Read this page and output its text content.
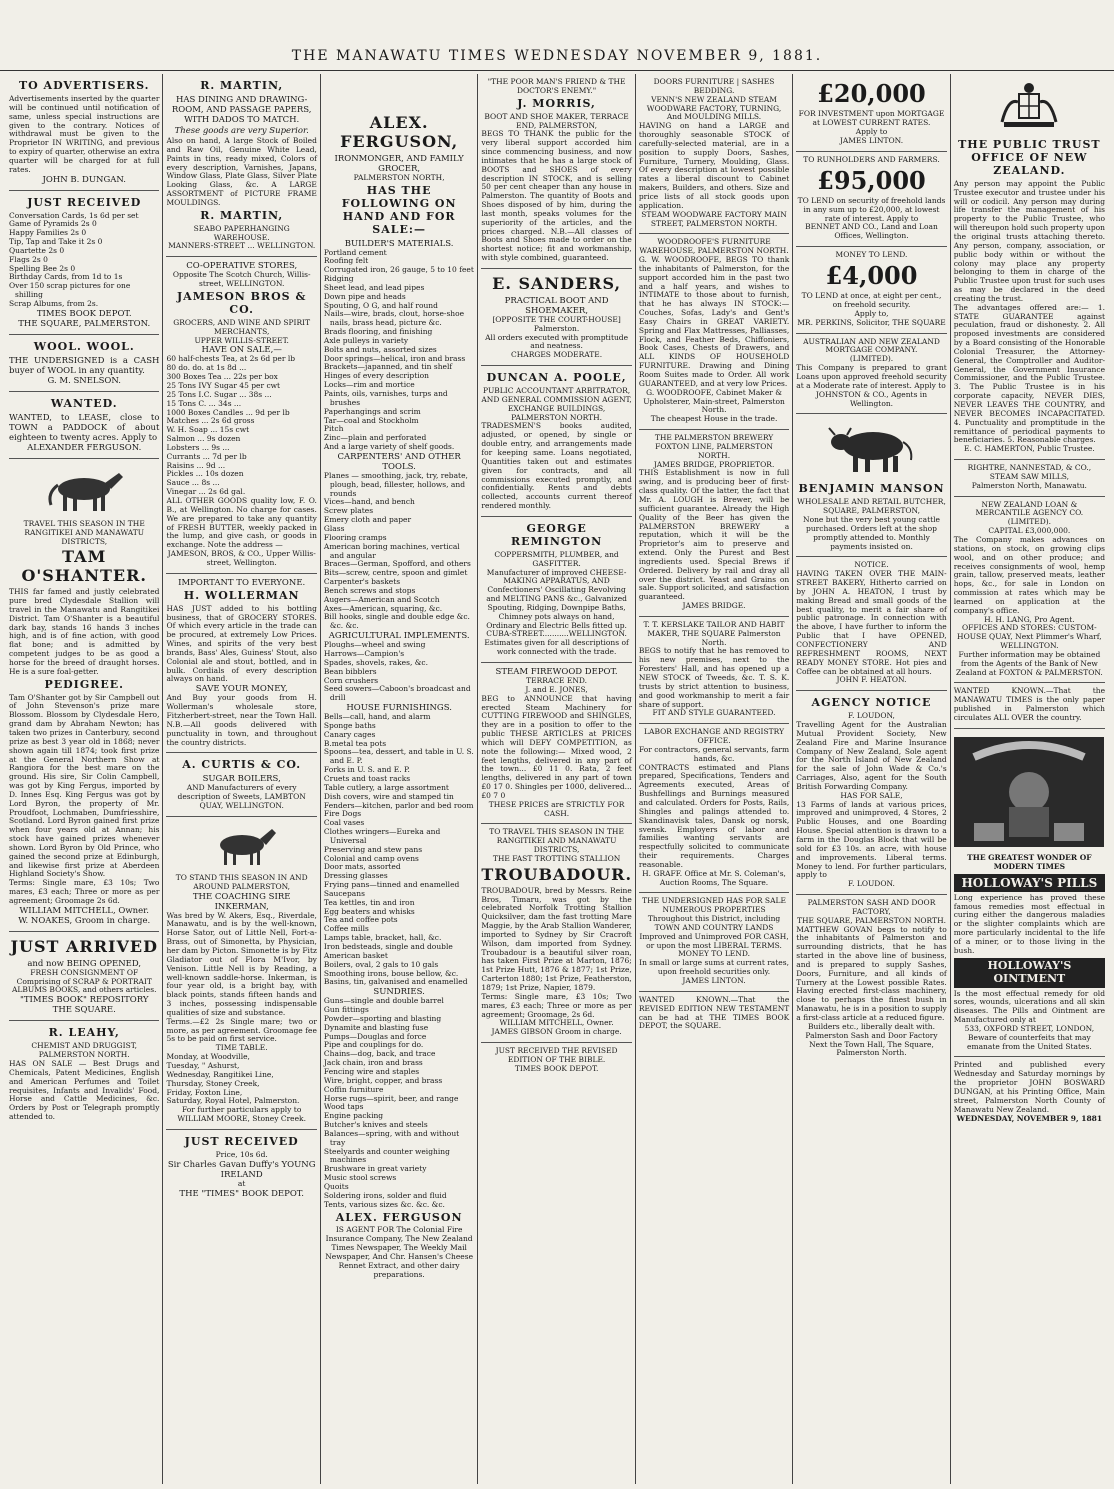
THE MANAWATU TIMES WEDNESDAY NOVEMBER 9, 1881.
TO ADVERTISERS.
Advertisements inserted by the quarter will be continued until notification of same, unless special instructions are given to the contrary. Notices of withdrawal must be given to the Proprietor IN WRITING, and previous to expiry of quarter, otherwise an extra quarter will be charged for at full rates.
JOHN B. DUNGAN.
JUST RECEIVED
Conversation Cards, 1s 6d per set
Game of Pyramids 2s 0
Happy Families 2s 0
Tip, Tap and Take it 2s 0
Quartette 2s 0
Flags 2s 0
Spelling Bee 2s 0
Birthday Cards, from 1d to 1s
Over 150 scrap pictures for one shilling
Scrap Albums, from 2s.
TIMES BOOK DEPOT.
THE SQUARE, PALMERSTON.
WOOL. WOOL.
THE UNDERSIGNED is a CASH buyer of WOOL in any quantity.
G. M. SNELSON.
WANTED.
WANTED, to LEASE, close to TOWN a PADDOCK of about eighteen to twenty acres. Apply to
ALEXANDER FERGUSON.
TRAVEL THIS SEASON IN THE RANGITIKEI AND MANAWATU DISTRICTS,
TAM O'SHANTER.
THIS far famed and justly celebrated pure bred Clydesdale Stallion will travel in the Manawatu and Rangitikei District. Tam O'Shanter is a beautiful dark bay, stands 16 hands 3 inches high, and is of fine action, with good flat bone; and is admitted by competent judges to be as good a horse for the breed of draught horses. He is a sure foal-getter.
PEDIGREE.
Tam O'Shanter got by Sir Campbell out of John Stevenson's prize mare Blossom. Blossom by Clydesdale Hero, grand dam by Abraham Newton; has taken two prizes in Canterbury, second prize as best 3 year old in 1868; never shown again till 1874; took first prize at the General Northern Show at Rangiora for the best mare on the ground. His sire, Sir Colin Campbell, was got by King Fergus, imported by D. Innes Esq. King Fergus was got by Lord Byron, the property of Mr. Proudfoot, Lochmaben, Dumfriesshire, Scotland. Lord Byron gained first prize when four years old at Annan; his stock have gained prizes whenever shown. Lord Byron by Old Prince, who gained the second prize at Edinburgh, and likewise first prize at Aberdeen Highland Society's Show.
Terms: Single mare, £3 10s; Two mares, £3 each; Three or more as per agreement; Groomage 2s 6d.
WILLIAM MITCHELL, Owner.
W. NOAKES, Groom in charge.
JUST ARRIVED
and now BEING OPENED,
FRESH CONSIGNMENT OF Comprising of SCRAP & PORTRAIT ALBUMS BOOKS, and others articles.
"TIMES BOOK" REPOSITORY THE SQUARE.
R. LEAHY,
CHEMIST AND DRUGGIST, PALMERSTON NORTH.
HAS ON SALE — Best Drugs and Chemicals, Patent Medicines, English and American Perfumes and Toilet requisites, Infants and Invalids' Food, Horse and Cattle Medicines, &c. Orders by Post or Telegraph promptly attended to.
R. MARTIN,
HAS DINING AND DRAWING-ROOM, AND PASSAGE PAPERS, WITH DADOS TO MATCH.
These goods are very Superior.
Also on hand, A large Stock of Boiled and Raw Oil, Genuine White Lead, Paints in tins, ready mixed, Colors of every description, Varnishes, Japans, Window Glass, Plate Glass, Silver Plate Looking Glass, &c. A LARGE ASSORTMENT of PICTURE FRAME MOULDINGS.
R. MARTIN,
SEABO PAPERHANGING WAREHOUSE.
MANNERS-STREET ... WELLINGTON.
CO-OPERATIVE STORES,
Opposite The Scotch Church, Willis-street, WELLINGTON.
JAMESON BROS & CO.
GROCERS, AND WINE AND SPIRIT MERCHANTS,
UPPER WILLIS-STREET.
HAVE ON SALE,—
60 half-chests Tea, at 2s 6d per lb
80 do. do. at 1s 8d ...
300 Boxes Tea ... 22s per box
25 Tons IVY Sugar 45 per cwt
25 Tons I.C. Sugar ... 38s ...
15 Tons C. ... 34s ...
1000 Boxes Candles ... 9d per lb
Matches ... 2s 6d gross
W. H. Soap ... 15s cwt
Salmon ... 9s dozen
Lobsters ... 9s ...
Currants ... 7d per lb
Raisins ... 9d ...
Pickles ... 10s dozen
Sauce ... 8s ...
Vinegar ... 2s 6d gal.
ALL OTHER GOODS quality low, F. O. B., at Wellington. No charge for cases. We are prepared to take any quantity of FRESH BUTTER, weekly packed in the lump, and give cash, or goods in exchange. Note the address —
JAMESON, BROS, & CO., Upper Willis-street, Wellington.
IMPORTANT TO EVERYONE.
H. WOLLERMAN
HAS JUST added to his bottling business, that of GROCERY STORES. Of which every article in the trade can be procured, at extremely Low Prices. Wines, and spirits of the very best brands, Bass' Ales, Guiness' Stout, also Colonial ale and stout, bottled, and in bulk. Cordials of every description always on hand.
SAVE YOUR MONEY,
And Buy your goods from H. Wollerman's wholesale store, Fitzherbert-street, near the Town Hall. N.B.—All goods delivered with punctuality in town, and throughout the country districts.
A. CURTIS & CO.
SUGAR BOILERS,
AND Manufacturers of every description of Sweets, LAMBTON QUAY, WELLINGTON.
TO STAND THIS SEASON IN AND AROUND PALMERSTON,
THE COACHING SIRE INKERMAN,
Was bred by W. Akers, Esq., Riverdale, Manawatu, and is by the well-known, Horse Sator, out of Little Nell, Fort-a-Brass, out of Simonetta, by Physician, her dam by Picton. Simonette is by Fitz Gladiator out of Flora M'Ivor, by Venison. Little Nell is by Reading, a well-known saddle-horse. Inkerman, is four year old, is a bright bay, with black points, stands fifteen hands and 3 inches, possessing indispensable qualities of size and substance.
Terms.—£2 2s Single mare; two or more, as per agreement. Groomage fee 5s to be paid on first service.
TIME TABLE.
Monday, at Woodville,
Tuesday, " Ashurst,
Wednesday, Rangitikei Line,
Thursday, Stoney Creek,
Friday, Foxton Line,
Saturday, Royal Hotel, Palmerston.
For further particulars apply to
WILLIAM MOORE, Stoney Creek.
JUST RECEIVED
Price, 10s 6d.
Sir Charles Gavan Duffy's YOUNG IRELAND
at
THE "TIMES" BOOK DEPOT.
ALEX. FERGUSON,
IRONMONGER, AND FAMILY GROCER,
PALMERSTON NORTH,
HAS THE FOLLOWING ON HAND AND FOR SALE:—
BUILDER'S MATERIALS.
Portland cement
Roofing felt
Corrugated iron, 26 gauge, 5 to 10 feet
Ridging
Sheet lead, and lead pipes
Down pipe and heads
Spouting, O G, and half round
Nails—wire, brads, clout, horse-shoe nails, brass head, picture &c.
Brads flooring, and finishing
Axle pulleys in variety
Bolts and nuts, assorted sizes
Door springs—helical, iron and brass
Brackets—japanned, and tin shelf
Hinges of every description
Locks—rim and mortice
Paints, oils, varnishes, turps and brushes
Paperhangings and scrim
Tar—coal and Stockholm
Pitch
Zinc—plain and perforated
And a large variety of shelf goods.
CARPENTERS' AND OTHER TOOLS.
Planes — smoothing, jack, try, rebate, plough, bead, fillester, hollows, and rounds
Vices—hand, and bench
Screw plates
Emery cloth and paper
Glass
Flooring cramps
American boring machines, vertical and angular
Braces—German, Spofford, and others
Bits—screw, centre, spoon and gimlet
Carpenter's baskets
Bench screws and stops
Augers—American and Scotch
Axes—American, squaring, &c.
Bill hooks, single and double edge &c. &c. &c.
AGRICULTURAL IMPLEMENTS.
Ploughs—wheel and swing
Harrows—Campion's
Spades, shovels, rakes, &c.
Bean bibblers
Corn crushers
Seed sowers—Caboon's broadcast and drill
HOUSE FURNISHINGS.
Bells—call, hand, and alarm
Sponge baths
Canary cages
B.metal tea pots
Spoons—tea, dessert, and table in U. S. and E. P.
Forks in U. S. and E. P.
Cruets and toast racks
Table cutlery, a large assortment
Dish covers, wire and stamped tin
Fenders—kitchen, parlor and bed room
Fire Dogs
Coal vases
Clothes wringers—Eureka and Universal
Preserving and stew pans
Colonial and camp ovens
Door mats, assorted
Dressing glasses
Frying pans—tinned and enamelled
Saucepans
Tea kettles, tin and iron
Egg beaters and whisks
Tea and coffee pots
Coffee mills
Lamps table, bracket, hall, &c.
Iron bedsteads, single and double
American basket
Boilers, oval, 2 gals to 10 gals
Smoothing irons, bouse bellow, &c.
Basins, tin, galvanised and enamelled
SUNDRIES.
Guns—single and double barrel
Gun fittings
Powder—sporting and blasting
Dynamite and blasting fuse
Pumps—Douglas and force
Pipe and couplings for do.
Chains—dog, back, and trace
Jack chain, iron and brass
Fencing wire and staples
Wire, bright, copper, and brass
Coffin furniture
Horse rugs—spirit, beer, and range
Wood taps
Engine packing
Butcher's knives and steels
Balances—spring, with and without tray
Steelyards and counter weighing machines
Brushware in great variety
Music stool screws
Quoits
Soldering irons, solder and fluid
Tents, various sizes &c. &c. &c.
ALEX. FERGUSON
IS AGENT FOR The Colonial Fire Insurance Company, The New Zealand Times Newspaper, The Weekly Mail Newspaper, And Chr. Hansen's Cheese Rennet Extract, and other dairy preparations.
"THE POOR MAN'S FRIEND & THE DOCTOR'S ENEMY."
J. MORRIS,
BOOT AND SHOE MAKER, TERRACE END, PALMERSTON,
BEGS TO THANK the public for the very liberal support accorded him since commencing business, and now intimates that he has a large stock of BOOTS and SHOES of every description IN STOCK, and is selling 50 per cent cheaper than any house in Palmerston. The quantity of Boots and Shoes disposed of by him, during the last month, speaks volumes for the superiority of the articles, and the prices charged. N.B.—All classes of Boots and Shoes made to order on the shortest notice; fit and workmanship, with style combined, guaranteed.
E. SANDERS,
PRACTICAL BOOT AND SHOEMAKER,
[OPPOSITE THE COURT-HOUSE] Palmerston.
All orders executed with promptitude and neatness.
CHARGES MODERATE.
DUNCAN A. POOLE,
PUBLIC ACCOUNTANT ARBITRATOR, AND GENERAL COMMISSION AGENT,
EXCHANGE BUILDINGS, PALMERSTON NORTH.
TRADESMEN'S books audited, adjusted, or opened, by single or double entry, and arrangements made for keeping same. Loans negotiated, Quantities taken out and estimates given for contracts, and all commissions executed promptly, and confidentially. Rents and debts collected, accounts current thereof rendered monthly.
GEORGE REMINGTON
COPPERSMITH, PLUMBER, and GASFITTER.
Manufacturer of improved CHEESE-MAKING APPARATUS, AND Confectioners' Oscillating Revolving and MELTING PANS &c., Galvanized Spouting, Ridging, Downpipe Baths, Chimney pots always on hand, Ordinary and Electric Bells fitted up.
CUBA-STREET...........WELLINGTON.
Estimates given for all descriptions of work connected with the trade.
STEAM FIREWOOD DEPOT.
TERRACE END.
J. and E. JONES,
BEG to ANNOUNCE that having erected Steam Machinery for CUTTING FIREWOOD and SHINGLES, they are in a position to offer to the public THESE ARTICLES at PRICES which will DEFY COMPETITION, as note the following:— Mixed wood, 2 feet lengths, delivered in any part of the town... £0 11 0. Rata, 2 feet lengths, delivered in any part of town £0 17 0. Shingles per 1000, delivered... £0 7 0
THESE PRICES are STRICTLY FOR CASH.
TO TRAVEL THIS SEASON IN THE RANGITIKEI AND MANAWATU DISTRICTS,
THE FAST TROTTING STALLION
TROUBADOUR.
TROUBADOUR, bred by Messrs. Reine Bros, Timaru, was got by the celebrated Norfolk Trotting Stallion Quicksilver, dam the fast trotting Mare Maggie, by the Arab Stallion Wanderer, imported to Sydney by Sir Cracroft Wilson, dam imported from Sydney. Troubadour is a beautiful silver roan, has taken First Prize at Marton, 1876; 1st Prize Hutt, 1876 & 1877; 1st Prize, Carterton 1880; 1st Prize, Featherston, 1879; 1st Prize, Napier, 1879.
Terms: Single mare, £3 10s; Two mares, £3 each; Three or more as per agreement; Groomage, 2s 6d.
WILLIAM MITCHELL, Owner.
JAMES GIBSON Groom in charge.
JUST RECEIVED THE REVISED EDITION OF THE BIBLE.
TIMES BOOK DEPOT.
DOORS FURNITURE | SASHES BEDDING.
VENN'S NEW ZEALAND STEAM WOODWARE FACTORY, TURNING, And MOULDING MILLS.
HAVING on hand a LARGE and thoroughly seasonable STOCK of carefully-selected material, are in a position to supply Doors, Sashes, Furniture, Turnery, Moulding, Glass. Of every description at lowest possible rates a liberal discount to Cabinet makers, Builders, and others. Size and price lists of all stock goods upon application.
STEAM WOODWARE FACTORY MAIN STREET, PALMERSTON NORTH.
WOODROOFE'S FURNITURE WAREHOUSE, PALMERSTON NORTH.
G. W. WOODROOFE, BEGS TO thank the inhabitants of Palmerston, for the support accorded him in the past two and a half years, and wishes to INTIMATE to those about to furnish, that he has always IN STOCK:— Couches, Sofas, Lady's and Gent's Easy Chairs in GREAT VARIETY. Spring and Flax Mattresses, Palliasses, Flock, and Feather Beds, Chiffoniers, Book Cases, Chests of Drawers, and ALL KINDS OF HOUSEHOLD FURNITURE. Drawing and Dining Room Suites made to Order. All work GUARANTEED, and at very low Prices.
G. WOODROOFE, Cabinet Maker & Upholsterer, Main-street, Palmerston North.
The cheapest House in the trade.
THE PALMERSTON BREWERY FOXTON LINE, PALMERSTON NORTH.
JAMES BRIDGE, PROPRIETOR.
THIS Establishment is now in full swing, and is producing beer of first-class quality. Of the latter, the fact that Mr. A. LOUGH is Brewer, will be sufficient guarantee. Already the High Quality of the Beer has given the PALMERSTON BREWERY a reputation, which it will be the Proprietor's aim to preserve and extend. Only the Purest and Best ingredients used. Special Brews if Ordered. Delivery by rail and dray all over the district. Yeast and Grains on sale. Support solicited, and satisfaction guaranteed.
JAMES BRIDGE.
T. T. KERSLAKE TAILOR AND HABIT MAKER, THE SQUARE Palmerston North.
BEGS to notify that he has removed to his new premises, next to the Foresters' Hall, and has opened up a NEW STOCK of Tweeds, &c. T. S. K. trusts by strict attention to business, and good workmanship to merit a fair share of support.
FIT AND STYLE GUARANTEED.
LABOR EXCHANGE AND REGISTRY OFFICE.
For contractors, general servants, farm hands, &c.
CONTRACTS estimated and Plans prepared, Specifications, Tenders and Agreements executed, Areas of Bushfellings and Burnings measured and calculated. Orders for Posts, Rails, Shingles and palings attended to. Skandinavisk tales, Dansk og norsk, svensk. Employers of labor and families wanting servants are respectfully solicited to communicate their requirements. Charges reasonable.
H. GRAFF. Office at Mr. S. Coleman's, Auction Rooms, The Square.
THE UNDERSIGNED HAS FOR SALE NUMEROUS PROPERTIES
Throughout this District, including TOWN AND COUNTRY LANDS Improved and Unimproved FOR CASH, or upon the most LIBERAL TERMS.
MONEY TO LEND.
In small or large sums at current rates, upon freehold securities only.
JAMES LINTON.
WANTED KNOWN.—That the REVISED EDITION NEW TESTAMENT can be had at THE TIMES BOOK DEPOT, the SQUARE.
£20,000
FOR INVESTMENT upon MORTGAGE at LOWEST CURRENT RATES.
Apply to
JAMES LINTON.
TO RUNHOLDERS AND FARMERS.
£95,000
TO LEND on security of freehold lands in any sum up to £20,000, at lowest rate of interest. Apply to
BENNET AND CO., Land and Loan Offices, Wellington.
MONEY TO LEND.
£4,000
TO LEND at once, at eight per cent., on freehold security.
Apply to,
MR. PERKINS, Solicitor, THE SQUARE
AUSTRALIAN AND NEW ZEALAND MORTGAGE COMPANY.
(LIMITED).
This Company is prepared to grant Loans upon approved freehold security at a Moderate rate of interest. Apply to
JOHNSTON & CO., Agents in Wellington.
BENJAMIN MANSON
WHOLESALE AND RETAIL BUTCHER, SQUARE, PALMERSTON,
None but the very best young cattle purchased. Orders left at the shop promptly attended to. Monthly payments insisted on.
NOTICE.
HAVING TAKEN OVER THE MAIN-STREET BAKERY, Hitherto carried on by JOHN A. HEATON, I trust by making Bread and small goods of the best quality, to merit a fair share of public patronage. In connection with the above, I have further to inform the Public that I have OPENED, CONFECTIONERY AND REFRESHMENT ROOMS, NEXT READY MONEY STORE. Hot pies and Coffee can be obtained at all hours.
JOHN F. HEATON.
AGENCY NOTICE
F. LOUDON,
Travelling Agent for the Australian Mutual Provident Society, New Zealand Fire and Marine Insurance Company of New Zealand, Sole agent for the North Island of New Zealand for the sale of John Wade & Co.'s Carriages, Also, agent for the South British Forwarding Company.
HAS FOR SALE,
13 Farms of lands at various prices, improved and unimproved, 4 Stores, 2 Public Houses, and one Boarding House. Special attention is drawn to a farm in the Douglas Block that will be sold for £3 10s. an acre, with house and improvements. Liberal terms. Money to lend. For further particulars, apply to
F. LOUDON.
PALMERSTON SASH AND DOOR FACTORY,
THE SQUARE, PALMERSTON NORTH.
MATTHEW GOVAN begs to notify to the inhabitants of Palmerston and surrounding districts, that he has started in the above line of business, and is prepared to supply Sashes, Doors, Furniture, and all kinds of Turnery at the Lowest possible Rates. Having erected first-class machinery, close to perhaps the finest bush in Manawatu, he is in a position to supply a first-class article at a reduced figure.
Builders etc., liberally dealt with.
Palmerston Sash and Door Factory Next the Town Hall, The Square, Palmerston North.
THE PUBLIC TRUST OFFICE OF NEW ZEALAND.
Any person may appoint the Public Trustee executor and trustee under his will or codicil. Any person may during life transfer the management of his property to the Public Trustee, who will thereupon hold such property upon the original trusts attaching thereto. Any person, company, association, or public body within or without the colony may place any property belonging to them in charge of the Public Trustee upon trust for such uses as may be declared in the deed creating the trust.
The advantages offered are:— 1. STATE GUARANTEE against peculation, fraud or dishonesty. 2. All proposed investments are considered by a Board consisting of the Honorable Colonial Treasurer, the Attorney-General, the Comptroller and Auditor-General, the Government Insurance Commissioner, and the Public Trustee. 3. The Public Trustee is in his corporate capacity, NEVER DIES, NEVER LEAVES THE COUNTRY, and NEVER BECOMES INCAPACITATED. 4. Punctuality and promptitude in the remittance of periodical payments to beneficiaries. 5. Reasonable charges.
E. C. HAMERTON, Public Trustee.
RIGHTRE, NANNESTAD, & CO.,
STEAM SAW MILLS,
Palmerston North, Manawatu.
NEW ZEALAND LOAN & MERCANTILE AGENCY CO. (LIMITED).
CAPITAL £3,000,000.
The Company makes advances on stations, on stock, on growing clips wool, and on other produce; and receives consignments of wool, hemp grain, tallow, preserved meats, leather hops, &c., for sale in London on commission at rates which may be learned on application at the company's office.
H. H. LANG, Pro Agent.
OFFICES AND STORES: CUSTOM-HOUSE QUAY, Next Plimmer's Wharf, WELLINGTON.
Further information may be obtained from the Agents of the Bank of New Zealand at FOXTON & PALMERSTON.
WANTED KNOWN.—That the MANAWATU TIMES is the only paper published in Palmerston which circulates ALL OVER the country.
THE GREATEST WONDER OF MODERN TIMES
HOLLOWAY'S PILLS
Long experience has proved these famous remedies most effectual in curing either the dangerous maladies or the slighter complaints which are more particularly incidental to the life of a miner, or to those living in the bush.
HOLLOWAY'S OINTMENT
Is the most effectual remedy for old sores, wounds, ulcerations and all skin diseases. The Pills and Ointment are Manufactured only at
533, OXFORD STREET, LONDON,
Beware of counterfeits that may emanate from the United States.
Printed and published every Wednesday and Saturday mornings by the proprietor JOHN BOSWARD DUNGAN, at his Printing Office, Main street, Palmerston North County of Manawatu New Zealand.
WEDNESDAY, NOVEMBER 9, 1881
